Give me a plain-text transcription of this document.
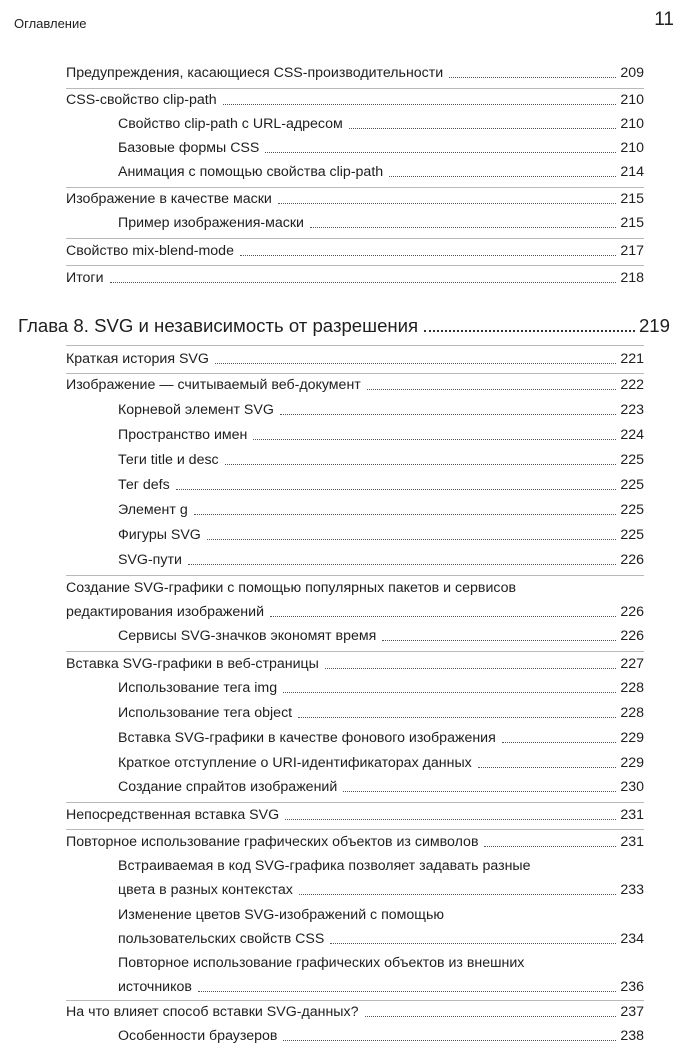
Оглавление	11
Предупреждения, касающиеся CSS-производительности	209
CSS-свойство clip-path	210
Свойство clip-path с URL-адресом	210
Базовые формы CSS	210
Анимация с помощью свойства clip-path	214
Изображение в качестве маски	215
Пример изображения-маски	215
Свойство mix-blend-mode	217
Итоги	218
Глава 8. SVG и независимость от разрешения	219
Краткая история SVG	221
Изображение — считываемый веб-документ	222
Корневой элемент SVG	223
Пространство имен	224
Теги title и desc	225
Тег defs	225
Элемент g	225
Фигуры SVG	225
SVG-пути	226
Создание SVG-графики с помощью популярных пакетов и сервисов
редактирования изображений	226
Сервисы SVG-значков экономят время	226
Вставка SVG-графики в веб-страницы	227
Использование тега img	228
Использование тега object	228
Вставка SVG-графики в качестве фонового изображения	229
Краткое отступление о URI-идентификаторах данных	229
Создание спрайтов изображений	230
Непосредственная вставка SVG	231
Повторное использование графических объектов из символов	231
Встраиваемая в код SVG-графика позволяет задавать разные
цвета в разных контекстах	233
Изменение цветов SVG-изображений с помощью
пользовательских свойств CSS	234
Повторное использование графических объектов из внешних
источников	236
На что влияет способ вставки SVG-данных?	237
Особенности браузеров	238
